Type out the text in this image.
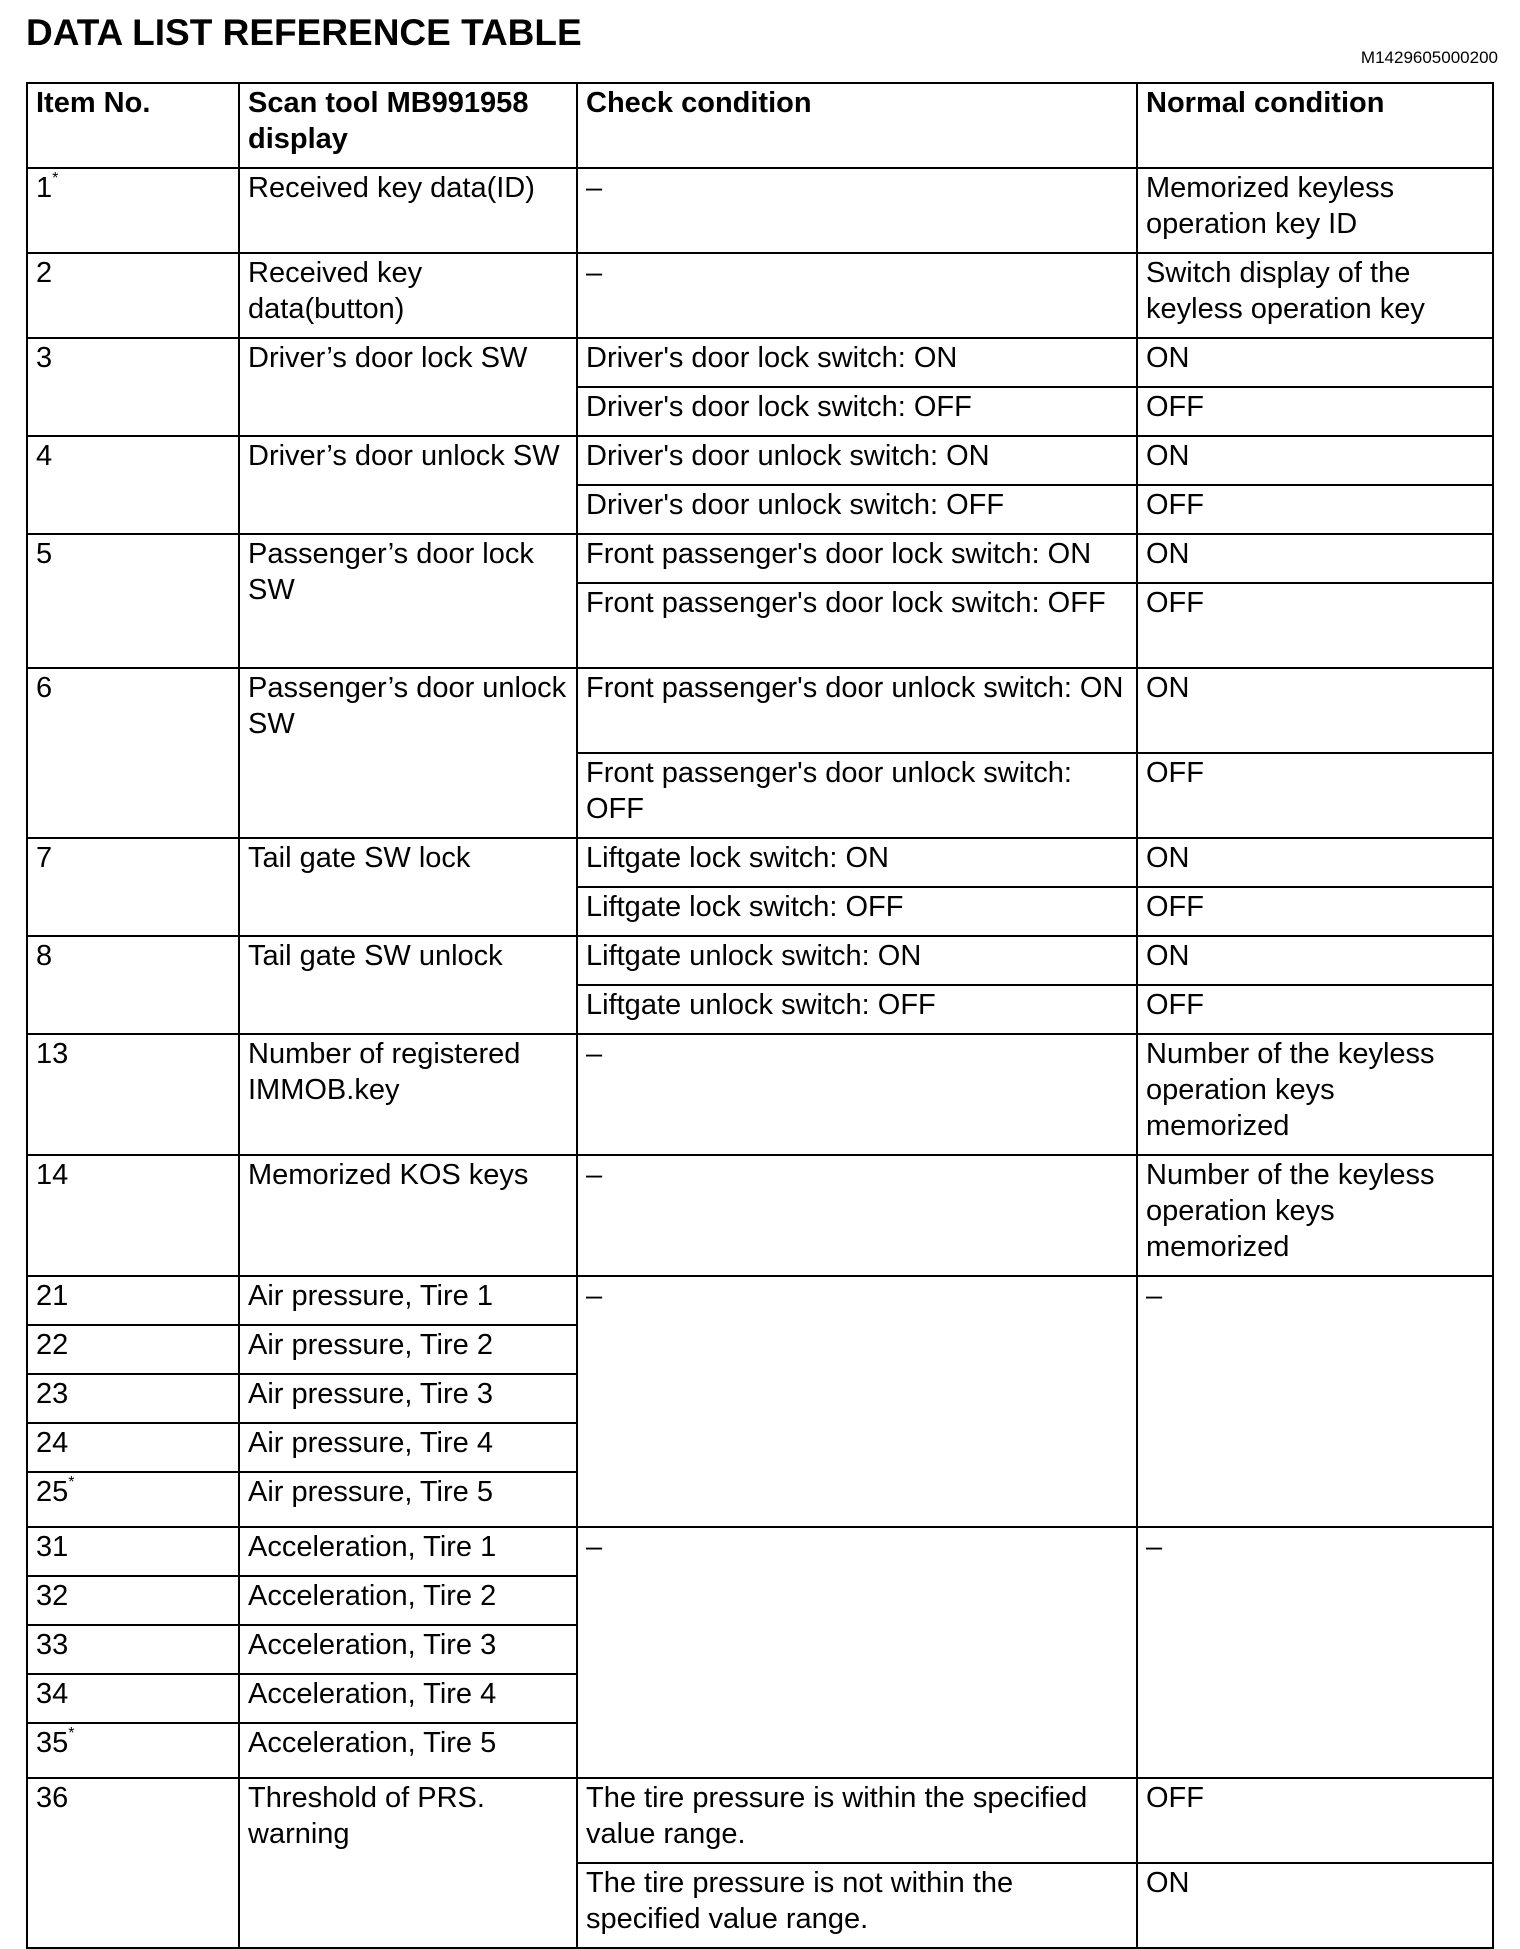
DATA LIST REFERENCE TABLE
M1429605000200
Item No.	Scan tool MB991958 display	Check condition	Normal condition
1*	Received key data(ID)	–	Memorized keyless operation key ID
2	Received key data(button)	–	Switch display of the keyless operation key
3	Driver’s door lock SW	Driver's door lock switch: ON	ON
		Driver's door lock switch: OFF	OFF
4	Driver’s door unlock SW	Driver's door unlock switch: ON	ON
		Driver's door unlock switch: OFF	OFF
5	Passenger’s door lock SW	Front passenger's door lock switch: ON	ON
		Front passenger's door lock switch: OFF	OFF
6	Passenger’s door unlock SW	Front passenger's door unlock switch: ON	ON
		Front passenger's door unlock switch: OFF	OFF
7	Tail gate SW lock	Liftgate lock switch: ON	ON
		Liftgate lock switch: OFF	OFF
8	Tail gate SW unlock	Liftgate unlock switch: ON	ON
		Liftgate unlock switch: OFF	OFF
13	Number of registered IMMOB.key	–	Number of the keyless operation keys memorized
14	Memorized KOS keys	–	Number of the keyless operation keys memorized
21	Air pressure, Tire 1	–	–
22	Air pressure, Tire 2		
23	Air pressure, Tire 3		
24	Air pressure, Tire 4		
25*	Air pressure, Tire 5		
31	Acceleration, Tire 1	–	–
32	Acceleration, Tire 2		
33	Acceleration, Tire 3		
34	Acceleration, Tire 4		
35*	Acceleration, Tire 5		
36	Threshold of PRS. warning	The tire pressure is within the specified value range.	OFF
		The tire pressure is not within the specified value range.	ON
